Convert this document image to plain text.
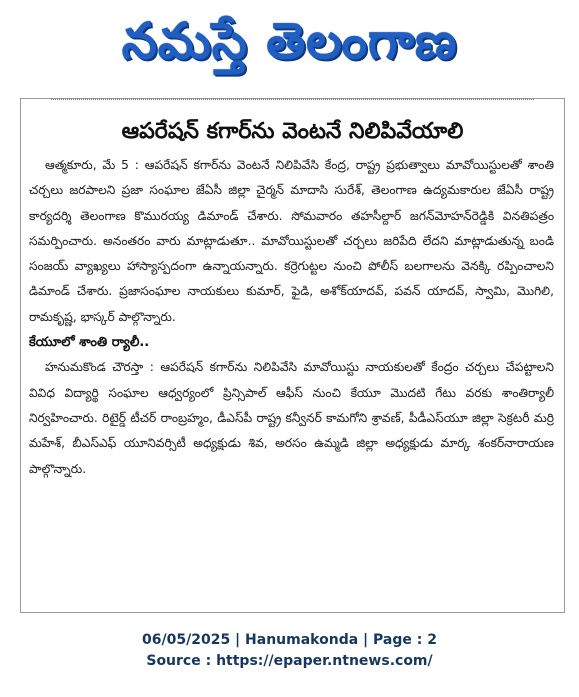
నమస్తే తెలంగాణ
ఆపరేషన్ కగార్‌ను వెంటనే నిలిపివేయాలి

ఆత్మకూరు, మే 5 : ఆపరేషన్ కగార్‌ను వెంటనే నిలిపివేసి కేంద్ర, రాష్ట్ర ప్రభుత్వాలు మావోయిస్టులతో శాంతి చర్చలు జరపాలని ప్రజా సంఘాల జేఏసీ జిల్లా చైర్మన్ మాదాసి సురేశ్, తెలంగాణ ఉద్యమకారుల జేఏసీ రాష్ట్ర కార్యదర్శి తెలంగాణ కొమురయ్య డిమాండ్ చేశారు. సోమవారం తహసీల్దార్ జగన్‌మోహన్‌రెడ్డికి వినతిపత్రం సమర్పించారు. అనంతరం వారు మాట్లాడుతూ.. మావోయిస్టులతో చర్చలు జరిపేది లేదని మాట్లాడుతున్న బండి సంజయ్ వ్యాఖ్యలు హాస్యాస్పదంగా ఉన్నాయన్నారు. కర్రెగుట్టల నుంచి పోలీస్ బలగాలను వెనక్కి రప్పించాలని డిమాండ్ చేశారు. ప్రజాసంఘాల నాయకులు కుమార్, ఫైడి, అశోక్‌యాదవ్, పవన్ యాదవ్, స్వామి, మొగిలి, రామకృష్ణ, భాస్కర్ పాల్గొన్నారు.

కేయూలో శాంతి ర్యాలీ..

హనుమకొండ చౌరస్తా : ఆపరేషన్ కగార్‌ను నిలిపివేసి మావోయిస్టు నాయకులతో కేంద్రం చర్చలు చేపట్టాలని వివిధ విద్యార్థి సంఘాల ఆధ్వర్యంలో ప్రిన్సిపాల్ ఆఫీస్ నుంచి కేయూ మొదటి గేటు వరకు శాంతిర్యాలీ నిర్వహించారు. రిటైర్డ్ టీచర్ రాంబ్రహ్మం, డీఎస్‌పీ రాష్ట్ర కన్వీనర్ కామగోని శ్రావణ్, పీడీఎస్‌యూ జిల్లా సెక్రటరీ మర్రి మహేశ్, బీఎస్‌ఎఫ్ యూనివర్సిటీ అధ్యక్షుడు శివ, అరసం ఉమ్మడి జిల్లా అధ్యక్షుడు మార్క శంకర్‌నారాయణ పాల్గొన్నారు.

06/05/2025 | Hanumakonda | Page : 2
Source : https://epaper.ntnews.com/
